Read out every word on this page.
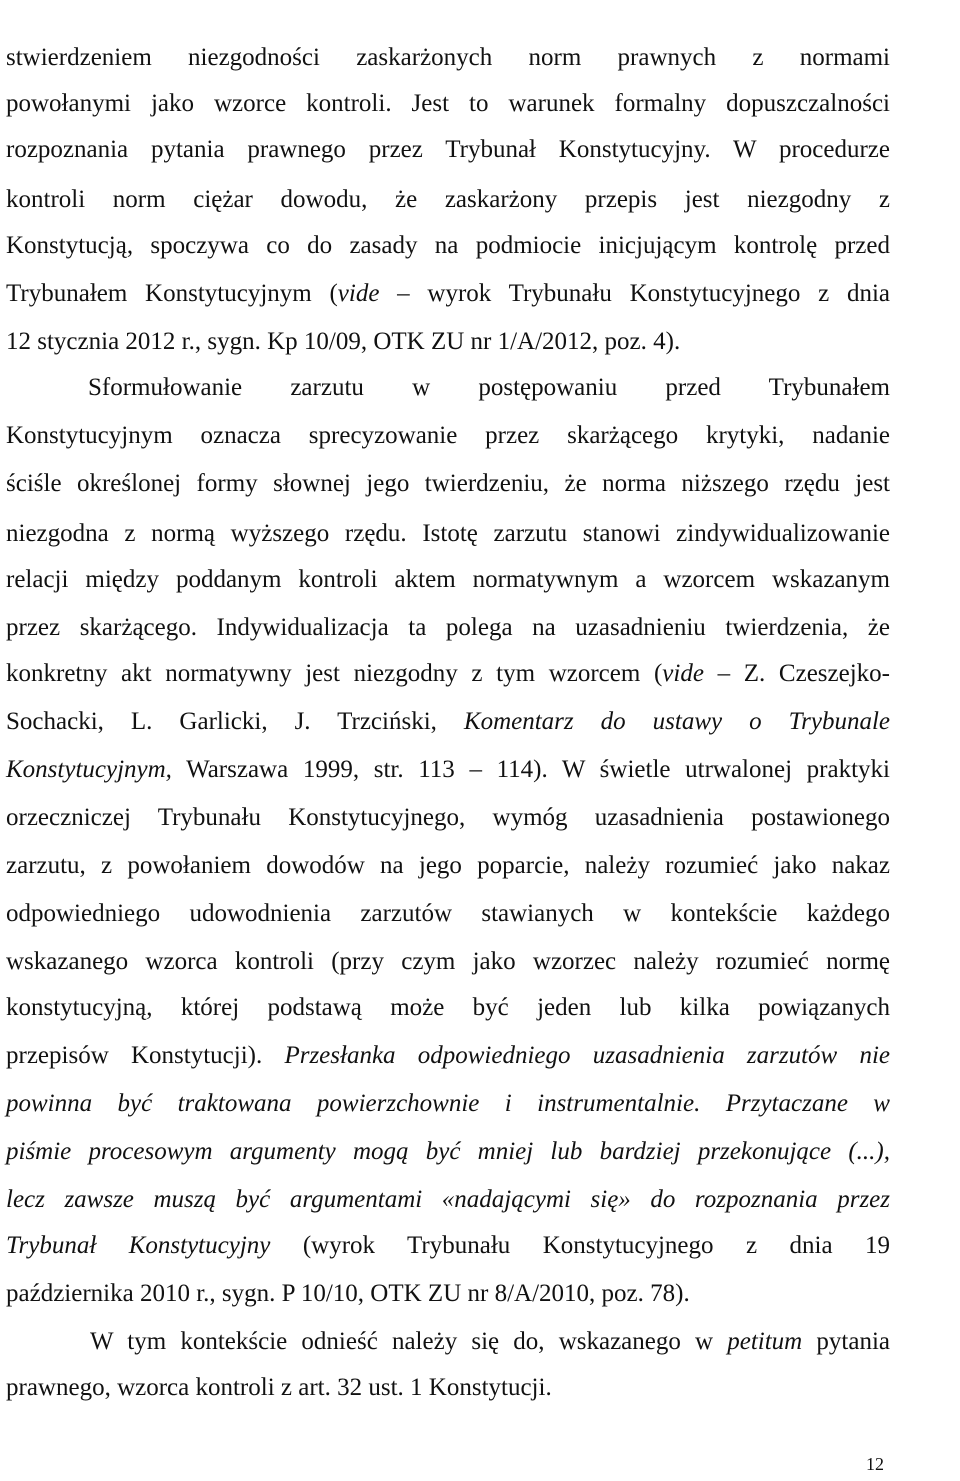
stwierdzeniem niezgodności zaskarżonych norm prawnych z normami
powołanymi jako wzorce kontroli. Jest to warunek formalny dopuszczalności
rozpoznania pytania prawnego przez Trybunał Konstytucyjny. W procedurze
kontroli norm ciężar dowodu, że zaskarżony przepis jest niezgodny z
Konstytucją, spoczywa co do zasady na podmiocie inicjującym kontrolę przed
Trybunałem Konstytucyjnym (vide – wyrok Trybunału Konstytucyjnego z dnia
12 stycznia 2012 r., sygn. Kp 10/09, OTK ZU nr 1/A/2012, poz. 4).
Sformułowanie zarzutu w postępowaniu przed Trybunałem
Konstytucyjnym oznacza sprecyzowanie przez skarżącego krytyki, nadanie
ściśle określonej formy słownej jego twierdzeniu, że norma niższego rzędu jest
niezgodna z normą wyższego rzędu. Istotę zarzutu stanowi zindywidualizowanie
relacji między poddanym kontroli aktem normatywnym a wzorcem wskazanym
przez skarżącego. Indywidualizacja ta polega na uzasadnieniu twierdzenia, że
konkretny akt normatywny jest niezgodny z tym wzorcem (vide – Z. Czeszejko-
Sochacki, L. Garlicki, J. Trzciński, Komentarz do ustawy o Trybunale
Konstytucyjnym, Warszawa 1999, str. 113 – 114). W świetle utrwalonej praktyki
orzeczniczej Trybunału Konstytucyjnego, wymóg uzasadnienia postawionego
zarzutu, z powołaniem dowodów na jego poparcie, należy rozumieć jako nakaz
odpowiedniego udowodnienia zarzutów stawianych w kontekście każdego
wskazanego wzorca kontroli (przy czym jako wzorzec należy rozumieć normę
konstytucyjną, której podstawą może być jeden lub kilka powiązanych
przepisów Konstytucji). Przesłanka odpowiedniego uzasadnienia zarzutów nie
powinna być traktowana powierzchownie i instrumentalnie. Przytaczane w
piśmie procesowym argumenty mogą być mniej lub bardziej przekonujące (...),
lecz zawsze muszą być argumentami «nadającymi się» do rozpoznania przez
Trybunał Konstytucyjny (wyrok Trybunału Konstytucyjnego z dnia 19
października 2010 r., sygn. P 10/10, OTK ZU nr 8/A/2010, poz. 78).
W tym kontekście odnieść należy się do, wskazanego w petitum pytania
prawnego, wzorca kontroli z art. 32 ust. 1 Konstytucji.
12
